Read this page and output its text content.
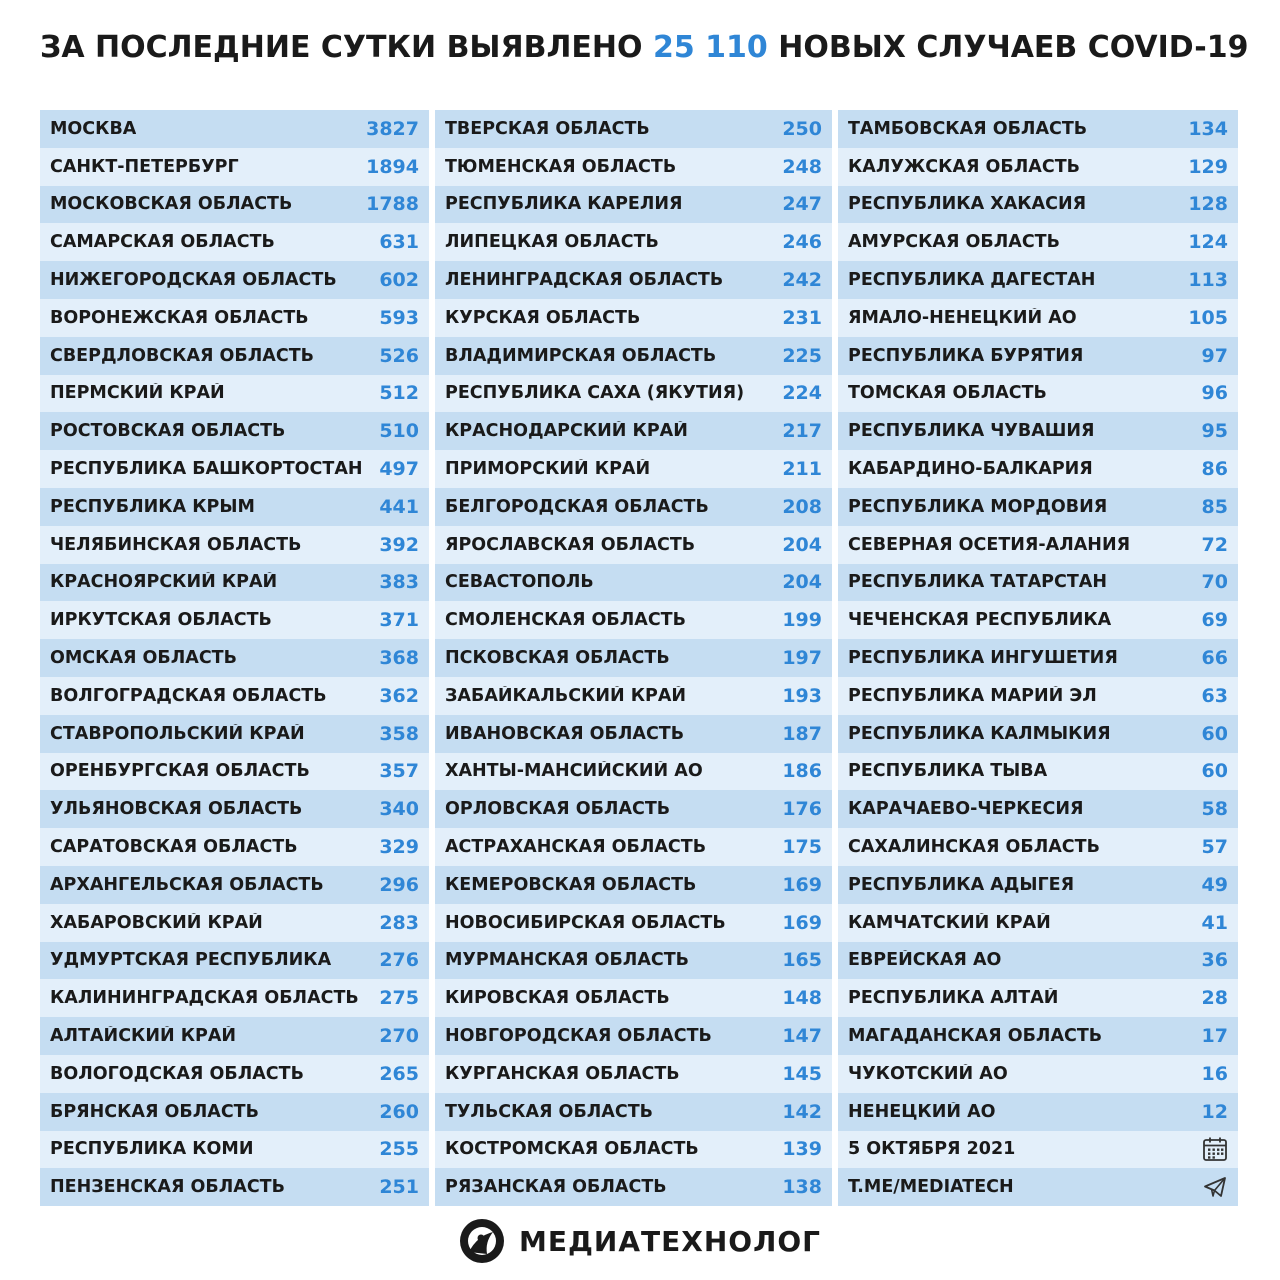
ЗА ПОСЛЕДНИЕ СУТКИ ВЫЯВЛЕНО 25 110 НОВЫХ СЛУЧАЕВ COVID-19
МОСКВА	3827
САНКТ-ПЕТЕРБУРГ	1894
МОСКОВСКАЯ ОБЛАСТЬ	1788
САМАРСКАЯ ОБЛАСТЬ	631
НИЖЕГОРОДСКАЯ ОБЛАСТЬ 602
ВОРОНЕЖСКАЯ ОБЛАСТЬ	593
СВЕРДЛОВСКАЯ ОБЛАСТЬ	526
ПЕРМСКИЙ КРАЙ	512
РОСТОВСКАЯ ОБЛАСТЬ	510
РЕСПУБЛИКА БАШКОРТОСТАН 497
РЕСПУБЛИКА КРЫМ	441
ЧЕЛЯБИНСКАЯ ОБЛАСТЬ	392
КРАСНОЯРСКИЙ КРАЙ	383
ИРКУТСКАЯ ОБЛАСТЬ	371
ОМСКАЯ ОБЛАСТЬ	368
ВОЛГОГРАДСКАЯ ОБЛАСТЬ	362
СТАВРОПОЛЬСКИЙ КРАЙ	358
ОРЕНБУРГСКАЯ ОБЛАСТЬ	357
УЛЬЯНОВСКАЯ ОБЛАСТЬ	340
САРАТОВСКАЯ ОБЛАСТЬ	329
АРХАНГЕЛЬСКАЯ ОБЛАСТЬ	296
ХАБАРОВСКИЙ КРАЙ	283
УДМУРТСКАЯ РЕСПУБЛИКА	276
КАЛИНИНГРАДСКАЯ ОБЛАСТЬ 275
АЛТАЙСКИЙ КРАЙ	270
ВОЛОГОДСКАЯ ОБЛАСТЬ	265
БРЯНСКАЯ ОБЛАСТЬ	260
РЕСПУБЛИКА КОМИ	255
ПЕНЗЕНСКАЯ ОБЛАСТЬ	251
ТВЕРСКАЯ ОБЛАСТЬ	250
ТЮМЕНСКАЯ ОБЛАСТЬ	248
РЕСПУБЛИКА КАРЕЛИЯ	247
ЛИПЕЦКАЯ ОБЛАСТЬ	246
ЛЕНИНГРАДСКАЯ ОБЛАСТЬ	242
КУРСКАЯ ОБЛАСТЬ	231
ВЛАДИМИРСКАЯ ОБЛАСТЬ	225
РЕСПУБЛИКА САХА (ЯКУТИЯ) 224
КРАСНОДАРСКИЙ КРАЙ	217
ПРИМОРСКИЙ КРАЙ	211
БЕЛГОРОДСКАЯ ОБЛАСТЬ	208
ЯРОСЛАВСКАЯ ОБЛАСТЬ	204
СЕВАСТОПОЛЬ	204
СМОЛЕНСКАЯ ОБЛАСТЬ	199
ПСКОВСКАЯ ОБЛАСТЬ	197
ЗАБАЙКАЛЬСКИЙ КРАЙ	193
ИВАНОВСКАЯ ОБЛАСТЬ	187
ХАНТЫ-МАНСИЙСКИЙ АО	186
ОРЛОВСКАЯ ОБЛАСТЬ	176
АСТРАХАНСКАЯ ОБЛАСТЬ	175
КЕМЕРОВСКАЯ ОБЛАСТЬ	169
НОВОСИБИРСКАЯ ОБЛАСТЬ	169
МУРМАНСКАЯ ОБЛАСТЬ	165
КИРОВСКАЯ ОБЛАСТЬ	148
НОВГОРОДСКАЯ ОБЛАСТЬ	147
КУРГАНСКАЯ ОБЛАСТЬ	145
ТУЛЬСКАЯ ОБЛАСТЬ	142
КОСТРОМСКАЯ ОБЛАСТЬ	139
РЯЗАНСКАЯ ОБЛАСТЬ	138
ТАМБОВСКАЯ ОБЛАСТЬ	134
КАЛУЖСКАЯ ОБЛАСТЬ	129
РЕСПУБЛИКА ХАКАСИЯ	128
АМУРСКАЯ ОБЛАСТЬ	124
РЕСПУБЛИКА ДАГЕСТАН	113
ЯМАЛО-НЕНЕЦКИЙ АО	105
РЕСПУБЛИКА БУРЯТИЯ	97
ТОМСКАЯ ОБЛАСТЬ	96
РЕСПУБЛИКА ЧУВАШИЯ	95
КАБАРДИНО-БАЛКАРИЯ	86
РЕСПУБЛИКА МОРДОВИЯ	85
СЕВЕРНАЯ ОСЕТИЯ-АЛАНИЯ	72
РЕСПУБЛИКА ТАТАРСТАН	70
ЧЕЧЕНСКАЯ РЕСПУБЛИКА	69
РЕСПУБЛИКА ИНГУШЕТИЯ	66
РЕСПУБЛИКА МАРИЙ ЭЛ	63
РЕСПУБЛИКА КАЛМЫКИЯ	60
РЕСПУБЛИКА ТЫВА	60
КАРАЧАЕВО-ЧЕРКЕСИЯ	58
САХАЛИНСКАЯ ОБЛАСТЬ	57
РЕСПУБЛИКА АДЫГЕЯ	49
КАМЧАТСКИЙ КРАЙ	41
ЕВРЕЙСКАЯ АО	36
РЕСПУБЛИКА АЛТАЙ	28
МАГАДАНСКАЯ ОБЛАСТЬ	17
ЧУКОТСКИЙ АО	16
НЕНЕЦКИЙ АО	12
5 ОКТЯБРЯ 2021
T.ME/MEDIATECH
МЕДИАТЕХНОЛОГ
